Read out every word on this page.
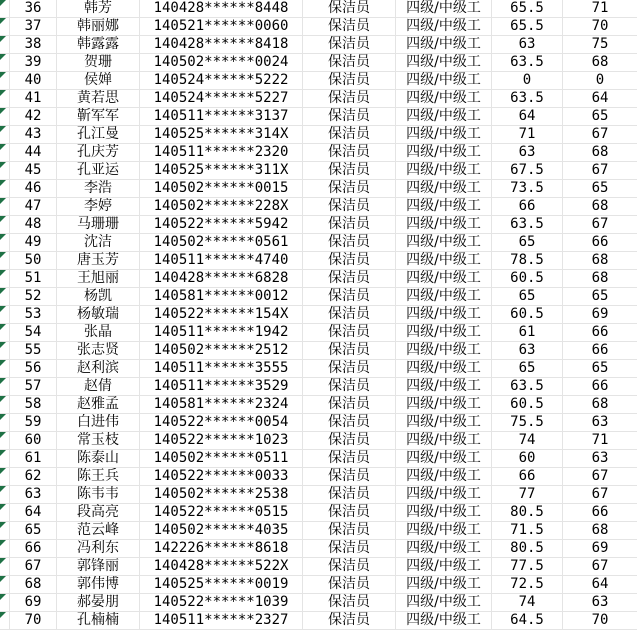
36	韩芳	140428******8448	保洁员	四级/中级工	65.5	71
37	韩丽娜	140521******0060	保洁员	四级/中级工	65.5	70
38	韩露露	140428******8418	保洁员	四级/中级工	63	75
39	贺珊	140502******0024	保洁员	四级/中级工	63.5	68
40	侯婵	140524******5222	保洁员	四级/中级工	0	0
41	黄若思	140524******5227	保洁员	四级/中级工	63.5	64
42	靳军军	140511******3137	保洁员	四级/中级工	64	65
43	孔江曼	140525******314X	保洁员	四级/中级工	71	67
44	孔庆芳	140511******2320	保洁员	四级/中级工	63	68
45	孔亚运	140525******311X	保洁员	四级/中级工	67.5	67
46	李浩	140502******0015	保洁员	四级/中级工	73.5	65
47	李婷	140502******228X	保洁员	四级/中级工	66	68
48	马珊珊	140522******5942	保洁员	四级/中级工	63.5	67
49	沈洁	140502******0561	保洁员	四级/中级工	65	66
50	唐玉芳	140511******4740	保洁员	四级/中级工	78.5	68
51	王旭丽	140428******6828	保洁员	四级/中级工	60.5	68
52	杨凯	140581******0012	保洁员	四级/中级工	65	65
53	杨敏瑞	140522******154X	保洁员	四级/中级工	60.5	69
54	张晶	140511******1942	保洁员	四级/中级工	61	66
55	张志贤	140502******2512	保洁员	四级/中级工	63	66
56	赵利滨	140511******3555	保洁员	四级/中级工	65	65
57	赵倩	140511******3529	保洁员	四级/中级工	63.5	66
58	赵雅孟	140581******2324	保洁员	四级/中级工	60.5	68
59	白进伟	140522******0054	保洁员	四级/中级工	75.5	63
60	常玉枝	140522******1023	保洁员	四级/中级工	74	71
61	陈泰山	140502******0511	保洁员	四级/中级工	60	63
62	陈王兵	140522******0033	保洁员	四级/中级工	66	67
63	陈韦韦	140502******2538	保洁员	四级/中级工	77	67
64	段高亮	140522******0515	保洁员	四级/中级工	80.5	66
65	范云峰	140502******4035	保洁员	四级/中级工	71.5	68
66	冯利东	142226******8618	保洁员	四级/中级工	80.5	69
67	郭锋丽	140428******522X	保洁员	四级/中级工	77.5	67
68	郭伟博	140525******0019	保洁员	四级/中级工	72.5	64
69	郝晏朋	140522******1039	保洁员	四级/中级工	74	63
70	孔楠楠	140511******2327	保洁员	四级/中级工	64.5	70
